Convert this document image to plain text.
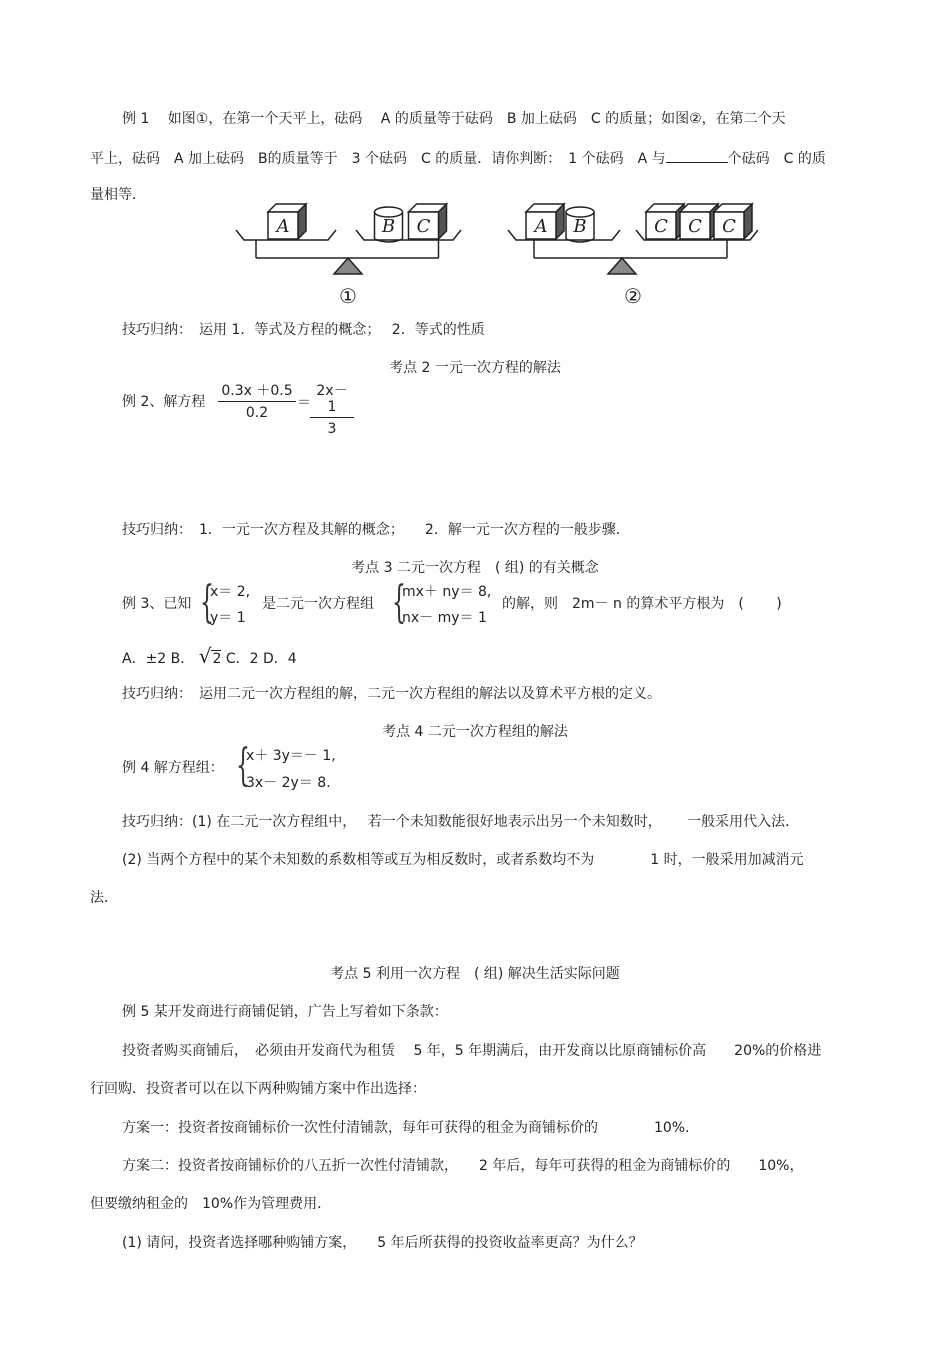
例 1　 如图①，在第一个天平上，砝码　 A 的质量等于砝码　B 加上砝码　C 的质量；如图②，在第二个天
平上，砝码　A 加上砝码　B的质量等于　3 个砝码　C 的质量．请你判断：　1 个砝码　A 与	个砝码　C 的质
量相等．
A	B C	A B	C C C
①	②
技巧归纳：　运用 1．等式及方程的概念；　 2．等式的性质
考点 2 一元一次方程的解法
例 2、解方程 $\frac{0.3x +0.5}{0.2} = \frac{2x-1}{3}$
技巧归纳：　1．一元一次方程及其解的概念；　　2．解一元一次方程的一般步骤．
考点 3 二元一次方程　( 组) 的有关概念
例 3、已知 {
x＝ 2,
y＝ 1
是二元一次方程组 {
mx＋ ny＝ 8,
nx－ my＝ 1
的解，则　2m－ n 的算术平方根为　(　　 )
A．±2 B． √2 C．2 D．4
技巧归纳：　运用二元一次方程组的解，二元一次方程组的解法以及算术平方根的定义。
考点 4 二元一次方程组的解法
例 4 解方程组： {
x＋ 3y＝－ 1,
3x－ 2y＝ 8.
技巧归纳：(1) 在二元一次方程组中，　 若一个未知数能很好地表示出另一个未知数时，　　 一般采用代入法．
(2) 当两个方程中的某个未知数的系数相等或互为相反数时，或者系数均不为　　　　1 时，一般采用加减消元
法．
考点 5 利用一次方程　( 组) 解决生活实际问题
例 5 某开发商进行商铺促销，广告上写着如下条款：
投资者购买商铺后，　必须由开发商代为租赁　 5 年，5 年期满后，由开发商以比原商铺标价高　　20%的价格进
行回购．投资者可以在以下两种购铺方案中作出选择：
方案一：投资者按商铺标价一次性付清铺款，每年可获得的租金为商铺标价的　　　　10%.
方案二：投资者按商铺标价的八五折一次性付清铺款，　　2 年后，每年可获得的租金为商铺标价的　　10%，
但要缴纳租金的　10%作为管理费用．
(1) 请问，投资者选择哪种购铺方案，　　5 年后所获得的投资收益率更高？为什么？
